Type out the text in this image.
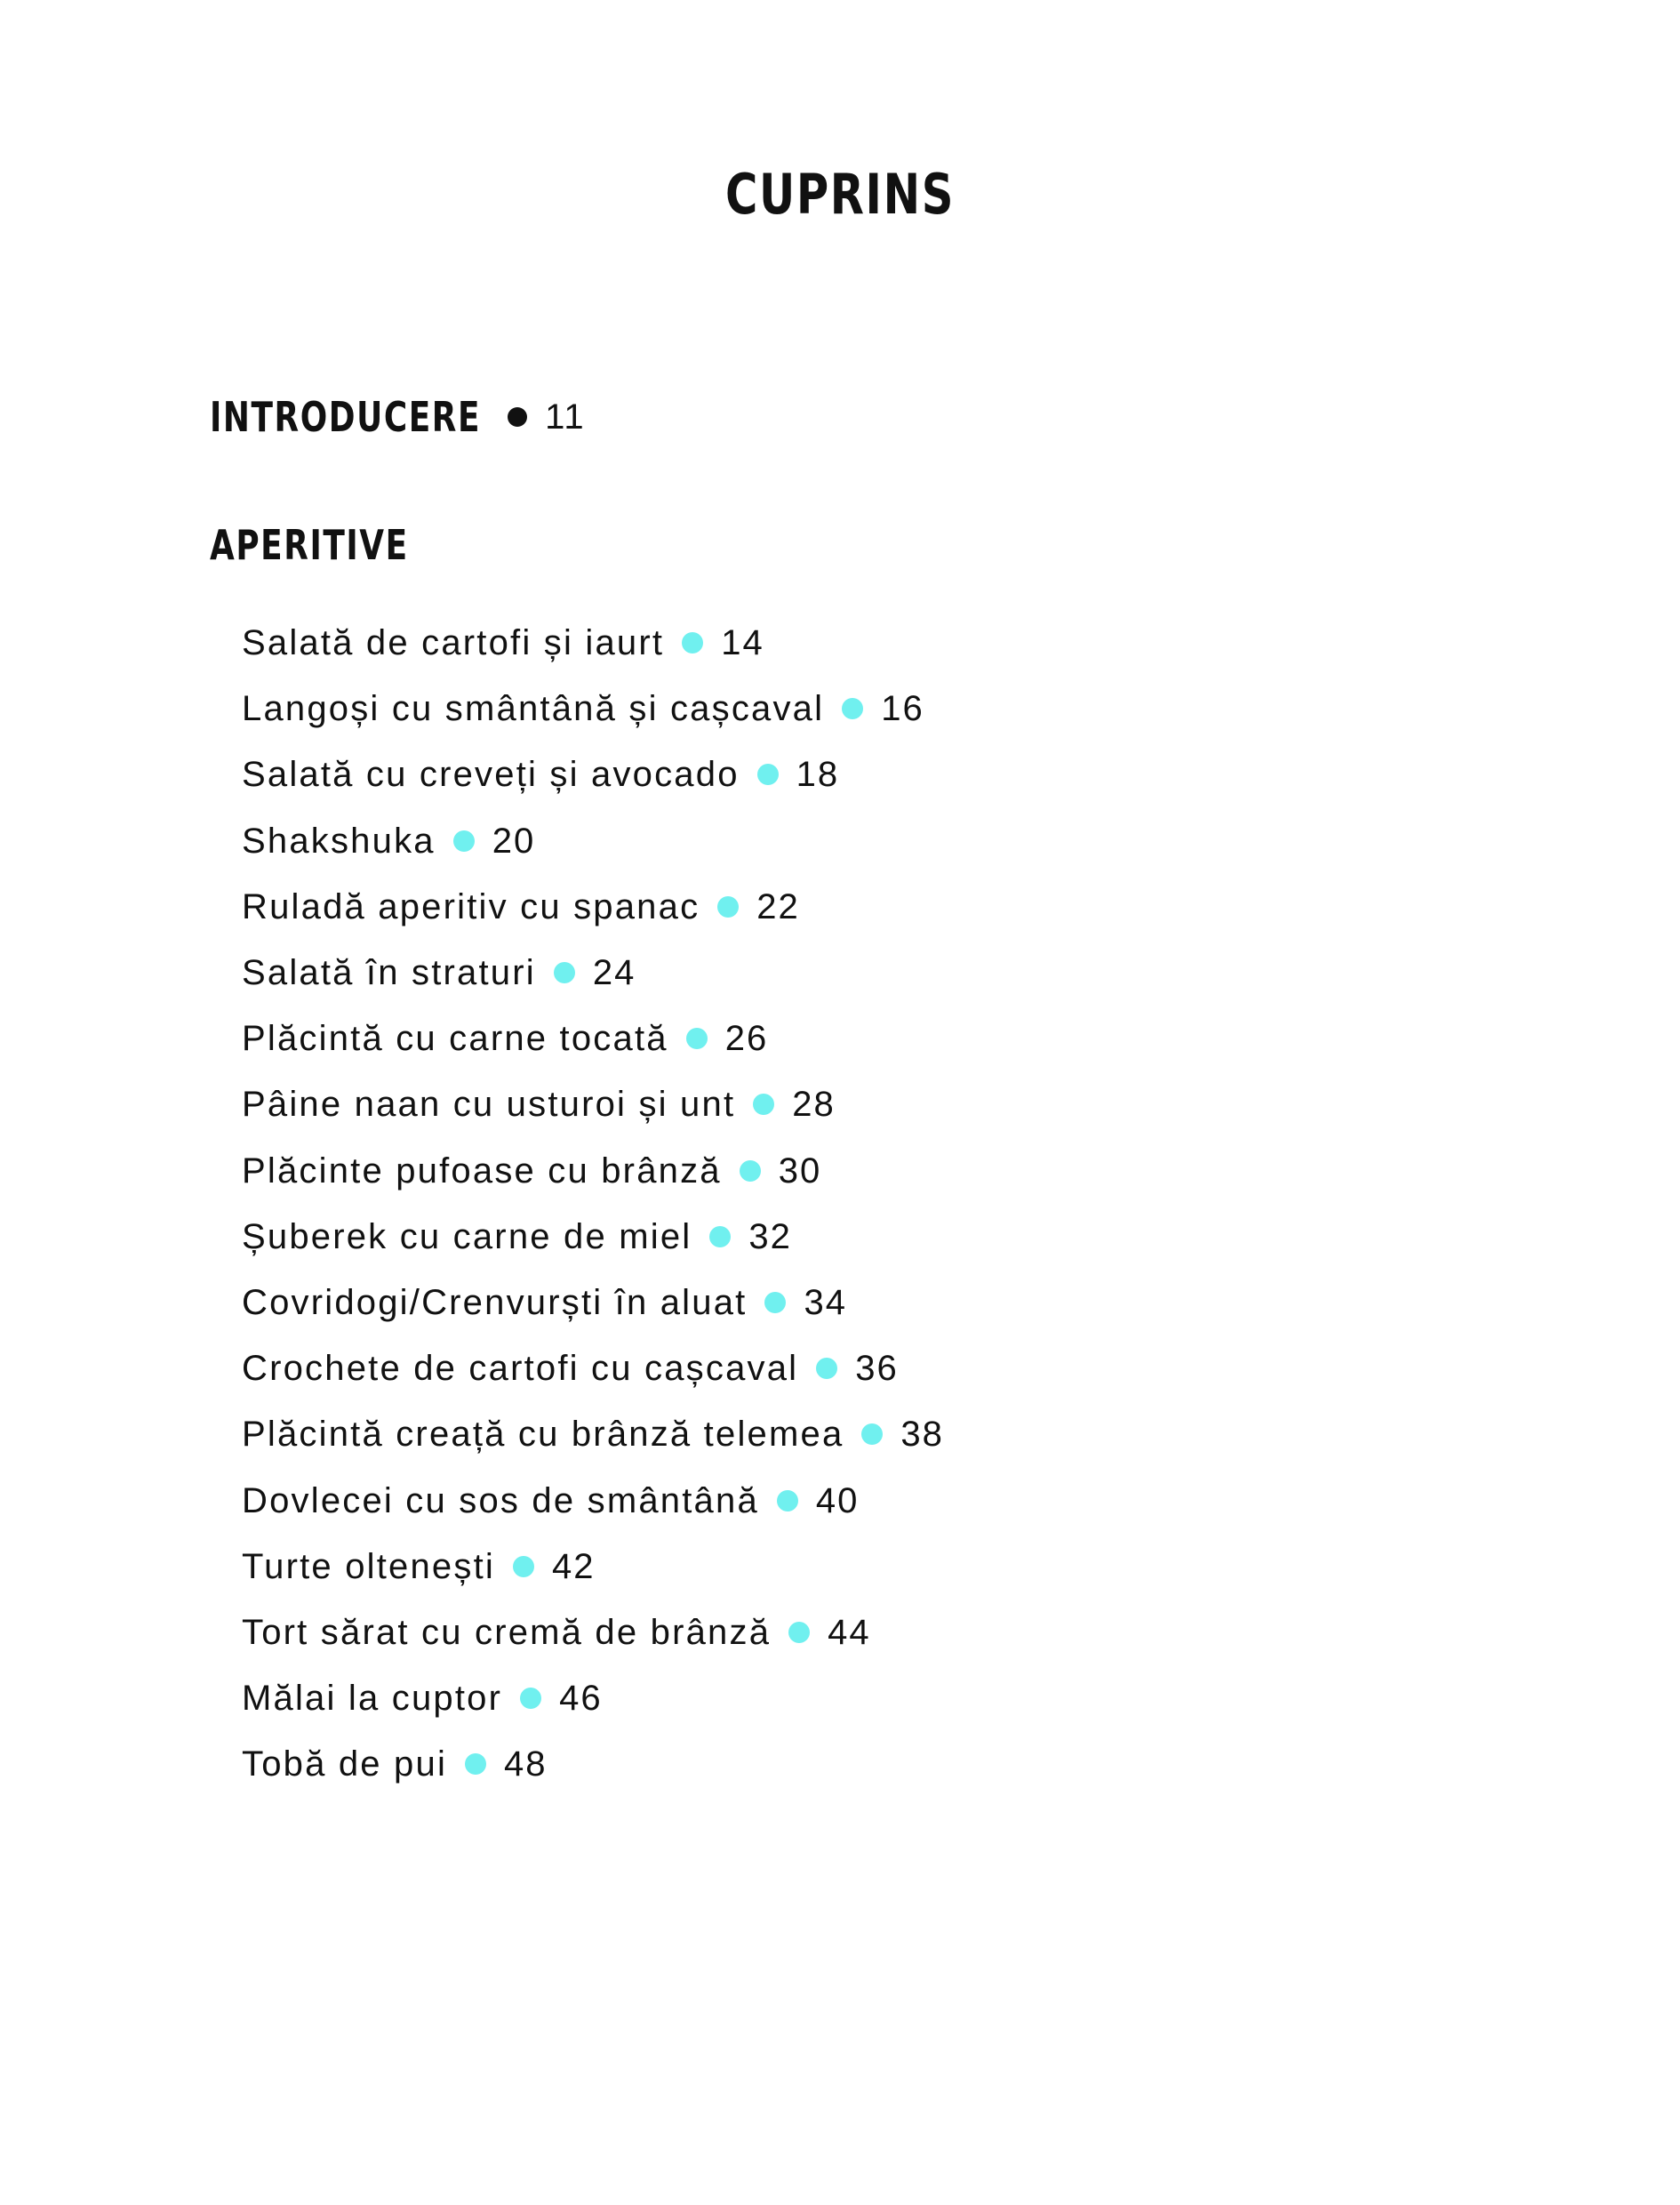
CUPRINS
INTRODUCERE 11
APERITIVE
Salată de cartofi și iaurt 14
Langoși cu smântână și cașcaval 16
Salată cu creveți și avocado 18
Shakshuka 20
Ruladă aperitiv cu spanac 22
Salată în straturi 24
Plăcintă cu carne tocată 26
Pâine naan cu usturoi și unt 28
Plăcinte pufoase cu brânză 30
Șuberek cu carne de miel 32
Covridogi/Crenvurști în aluat 34
Crochete de cartofi cu cașcaval 36
Plăcintă creață cu brânză telemea 38
Dovlecei cu sos de smântână 40
Turte oltenești 42
Tort sărat cu cremă de brânză 44
Mălai la cuptor 46
Tobă de pui 48
